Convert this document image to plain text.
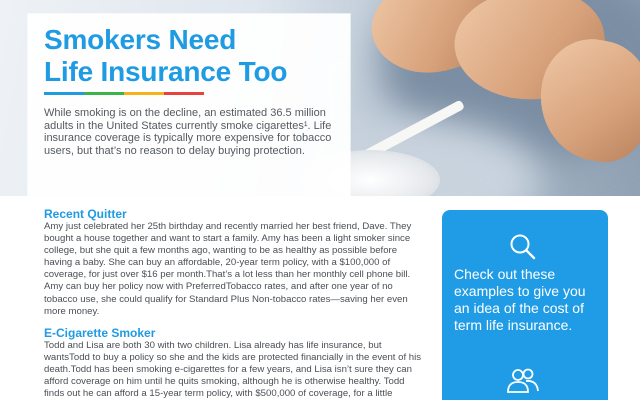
Smokers Need
Life Insurance Too

While smoking is on the decline, an estimated 36.5 million adults in the United States currently smoke cigarettes¹. Life insurance coverage is typically more expensive for tobacco users, but that’s no reason to delay buying protection.

Recent Quitter

Amy just celebrated her 25th birthday and recently married her best friend, Dave. They bought a house together and want to start a family. Amy has been a light smoker since college, but she quit a few months ago, wanting to be as healthy as possible before having a baby. She can buy an affordable, 20-year term policy, with a $100,000 of coverage, for just over $16 per month.That’s a lot less than her monthly cell phone bill. Amy can buy her policy now with PreferredTobacco rates, and after one year of no tobacco use, she could qualify for Standard Plus Non-tobacco rates—saving her even more money.

E-Cigarette Smoker

Todd and Lisa are both 30 with two children. Lisa already has life insurance, but wantsTodd to buy a policy so she and the kids are protected financially in the event of his death.Todd has been smoking e-cigarettes for a few years, and Lisa isn’t sure they can afford coverage on him until he quits smoking, although he is otherwise healthy. Todd finds out he can afford a 15-year term policy, with $500,000 of coverage, for a little

Check out these examples to give you an idea of the cost of term life insurance.
